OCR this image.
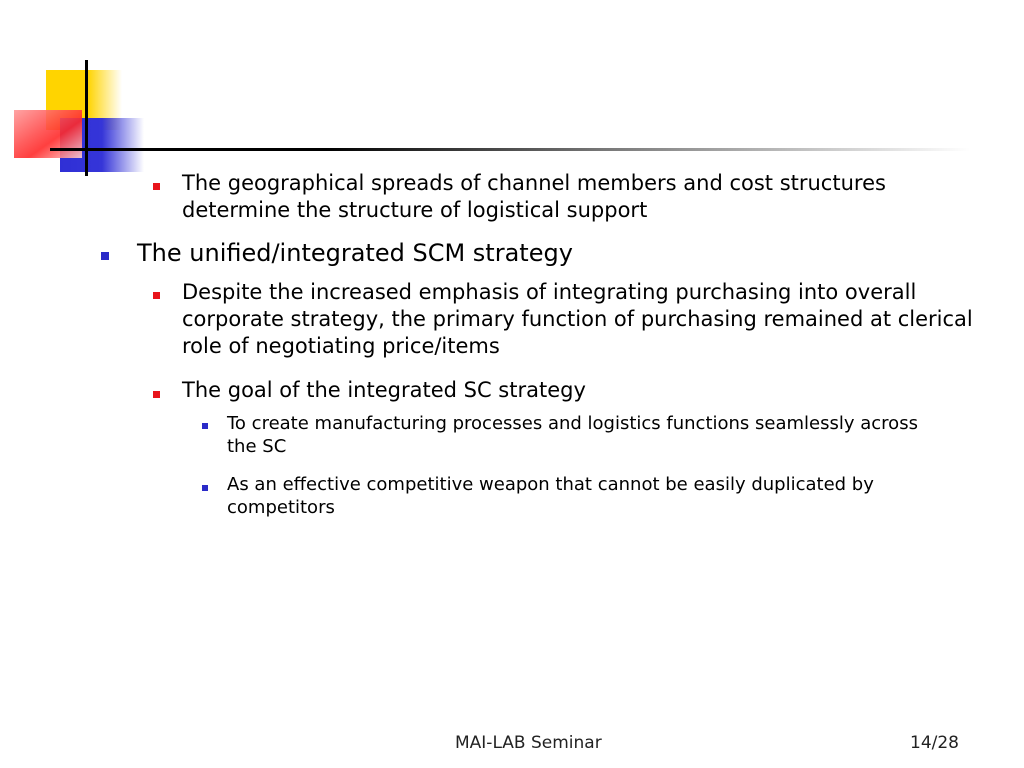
The geographical spreads of channel members and cost structures determine the structure of logistical support
The unified/integrated SCM strategy
Despite the increased emphasis of integrating purchasing into overall corporate strategy, the primary function of purchasing remained at clerical role of negotiating price/items
The goal of the integrated SC strategy
To create manufacturing processes and logistics functions seamlessly across the SC
As an effective competitive weapon that cannot be easily duplicated by competitors
MAI-LAB Seminar	14/28
